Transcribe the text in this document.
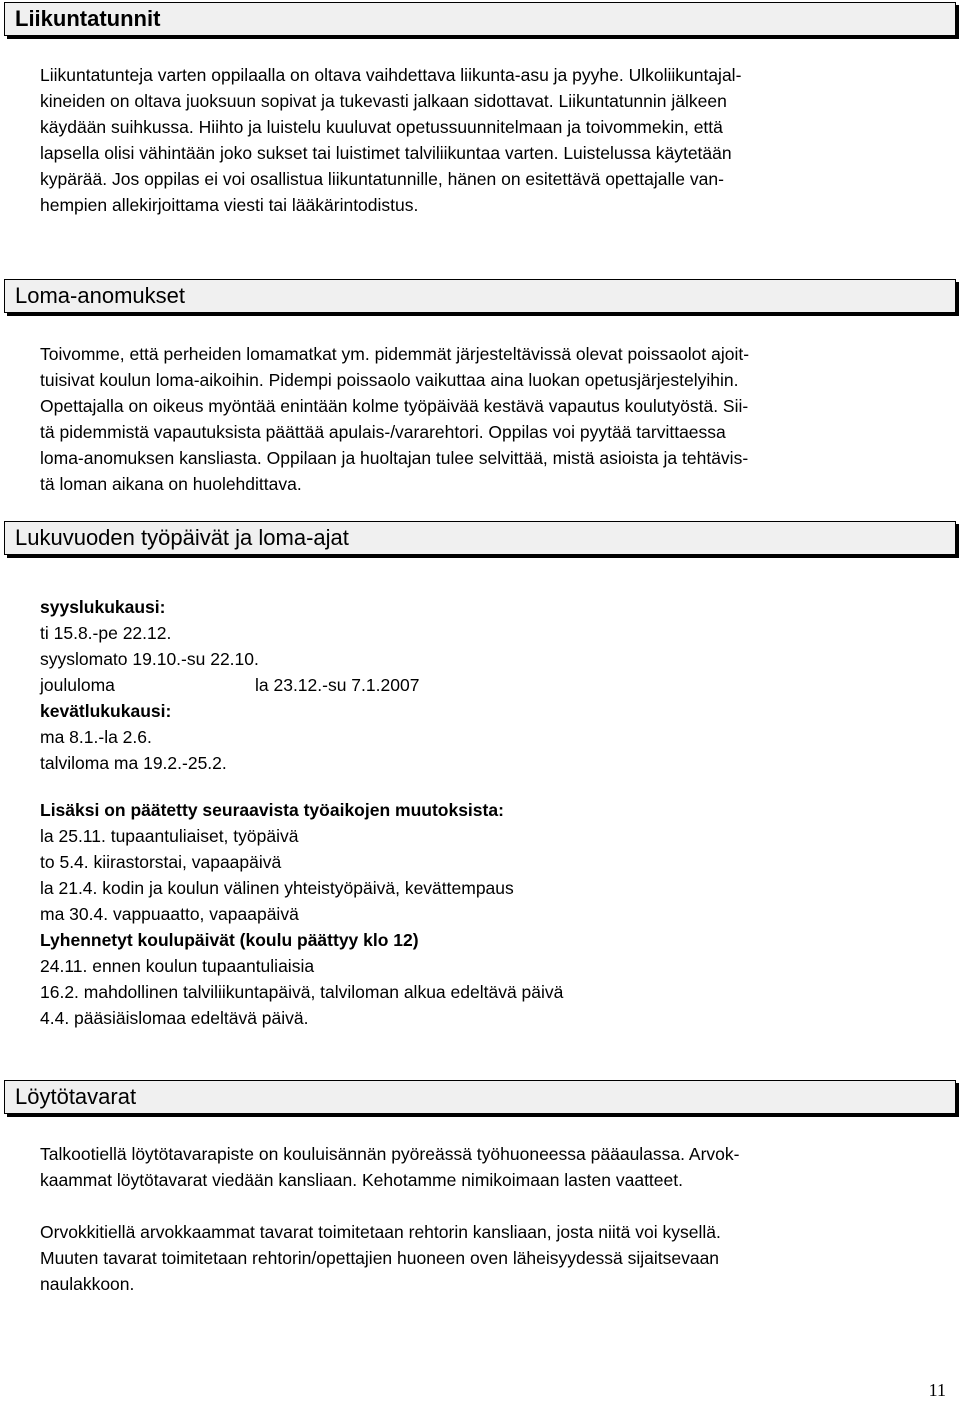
Liikuntatunnit
Liikuntatunteja varten oppilaalla on oltava vaihdettava liikunta-asu ja pyyhe. Ulkoliikuntajal-
kineiden on oltava juoksuun sopivat ja tukevasti jalkaan sidottavat. Liikuntatunnin jälkeen
käydään suihkussa. Hiihto ja luistelu kuuluvat opetussuunnitelmaan ja toivommekin, että
lapsella olisi vähintään joko sukset tai luistimet talviliikuntaa varten. Luistelussa käytetään
kypärää. Jos oppilas ei voi osallistua liikuntatunnille, hänen on esitettävä opettajalle van-
hempien allekirjoittama viesti tai lääkärintodistus.
Loma-anomukset
Toivomme, että perheiden lomamatkat ym. pidemmät järjesteltävissä olevat poissaolot ajoit-
tuisivat koulun loma-aikoihin. Pidempi poissaolo vaikuttaa aina luokan opetusjärjestelyihin.
Opettajalla on oikeus myöntää enintään kolme työpäivää kestävä vapautus koulutyöstä. Sii-
tä pidemmistä vapautuksista päättää apulais-/vararehtori. Oppilas voi pyytää tarvittaessa
loma-anomuksen kansliasta. Oppilaan ja huoltajan tulee selvittää, mistä asioista ja tehtävis-
tä loman aikana on huolehdittava.
Lukuvuoden työpäivät ja loma-ajat
syyslukukausi:
ti 15.8.-pe 22.12.
syyslomato 19.10.-su 22.10.
joululoma	la 23.12.-su 7.1.2007
kevätlukukausi:
ma 8.1.-la 2.6.
talviloma ma 19.2.-25.2.
Lisäksi on päätetty seuraavista työaikojen muutoksista:
la 25.11. tupaantuliaiset, työpäivä
to 5.4. kiirastorstai, vapaapäivä
la 21.4. kodin ja koulun välinen yhteistyöpäivä, kevättempaus
ma 30.4. vappuaatto, vapaapäivä
Lyhennetyt koulupäivät (koulu päättyy klo 12)
24.11. ennen koulun tupaantuliaisia
16.2. mahdollinen talviliikuntapäivä, talviloman alkua edeltävä päivä
4.4. pääsiäislomaa edeltävä päivä.
Löytötavarat
Talkootiellä löytötavarapiste on kouluisännän pyöreässä työhuoneessa pääaulassa. Arvok-
kaammat löytötavarat viedään kansliaan. Kehotamme nimikoimaan lasten vaatteet.
Orvokkitiellä arvokkaammat tavarat toimitetaan rehtorin kansliaan, josta niitä voi kysellä.
Muuten tavarat toimitetaan rehtorin/opettajien huoneen oven läheisyydessä sijaitsevaan
naulakkoon.
11
